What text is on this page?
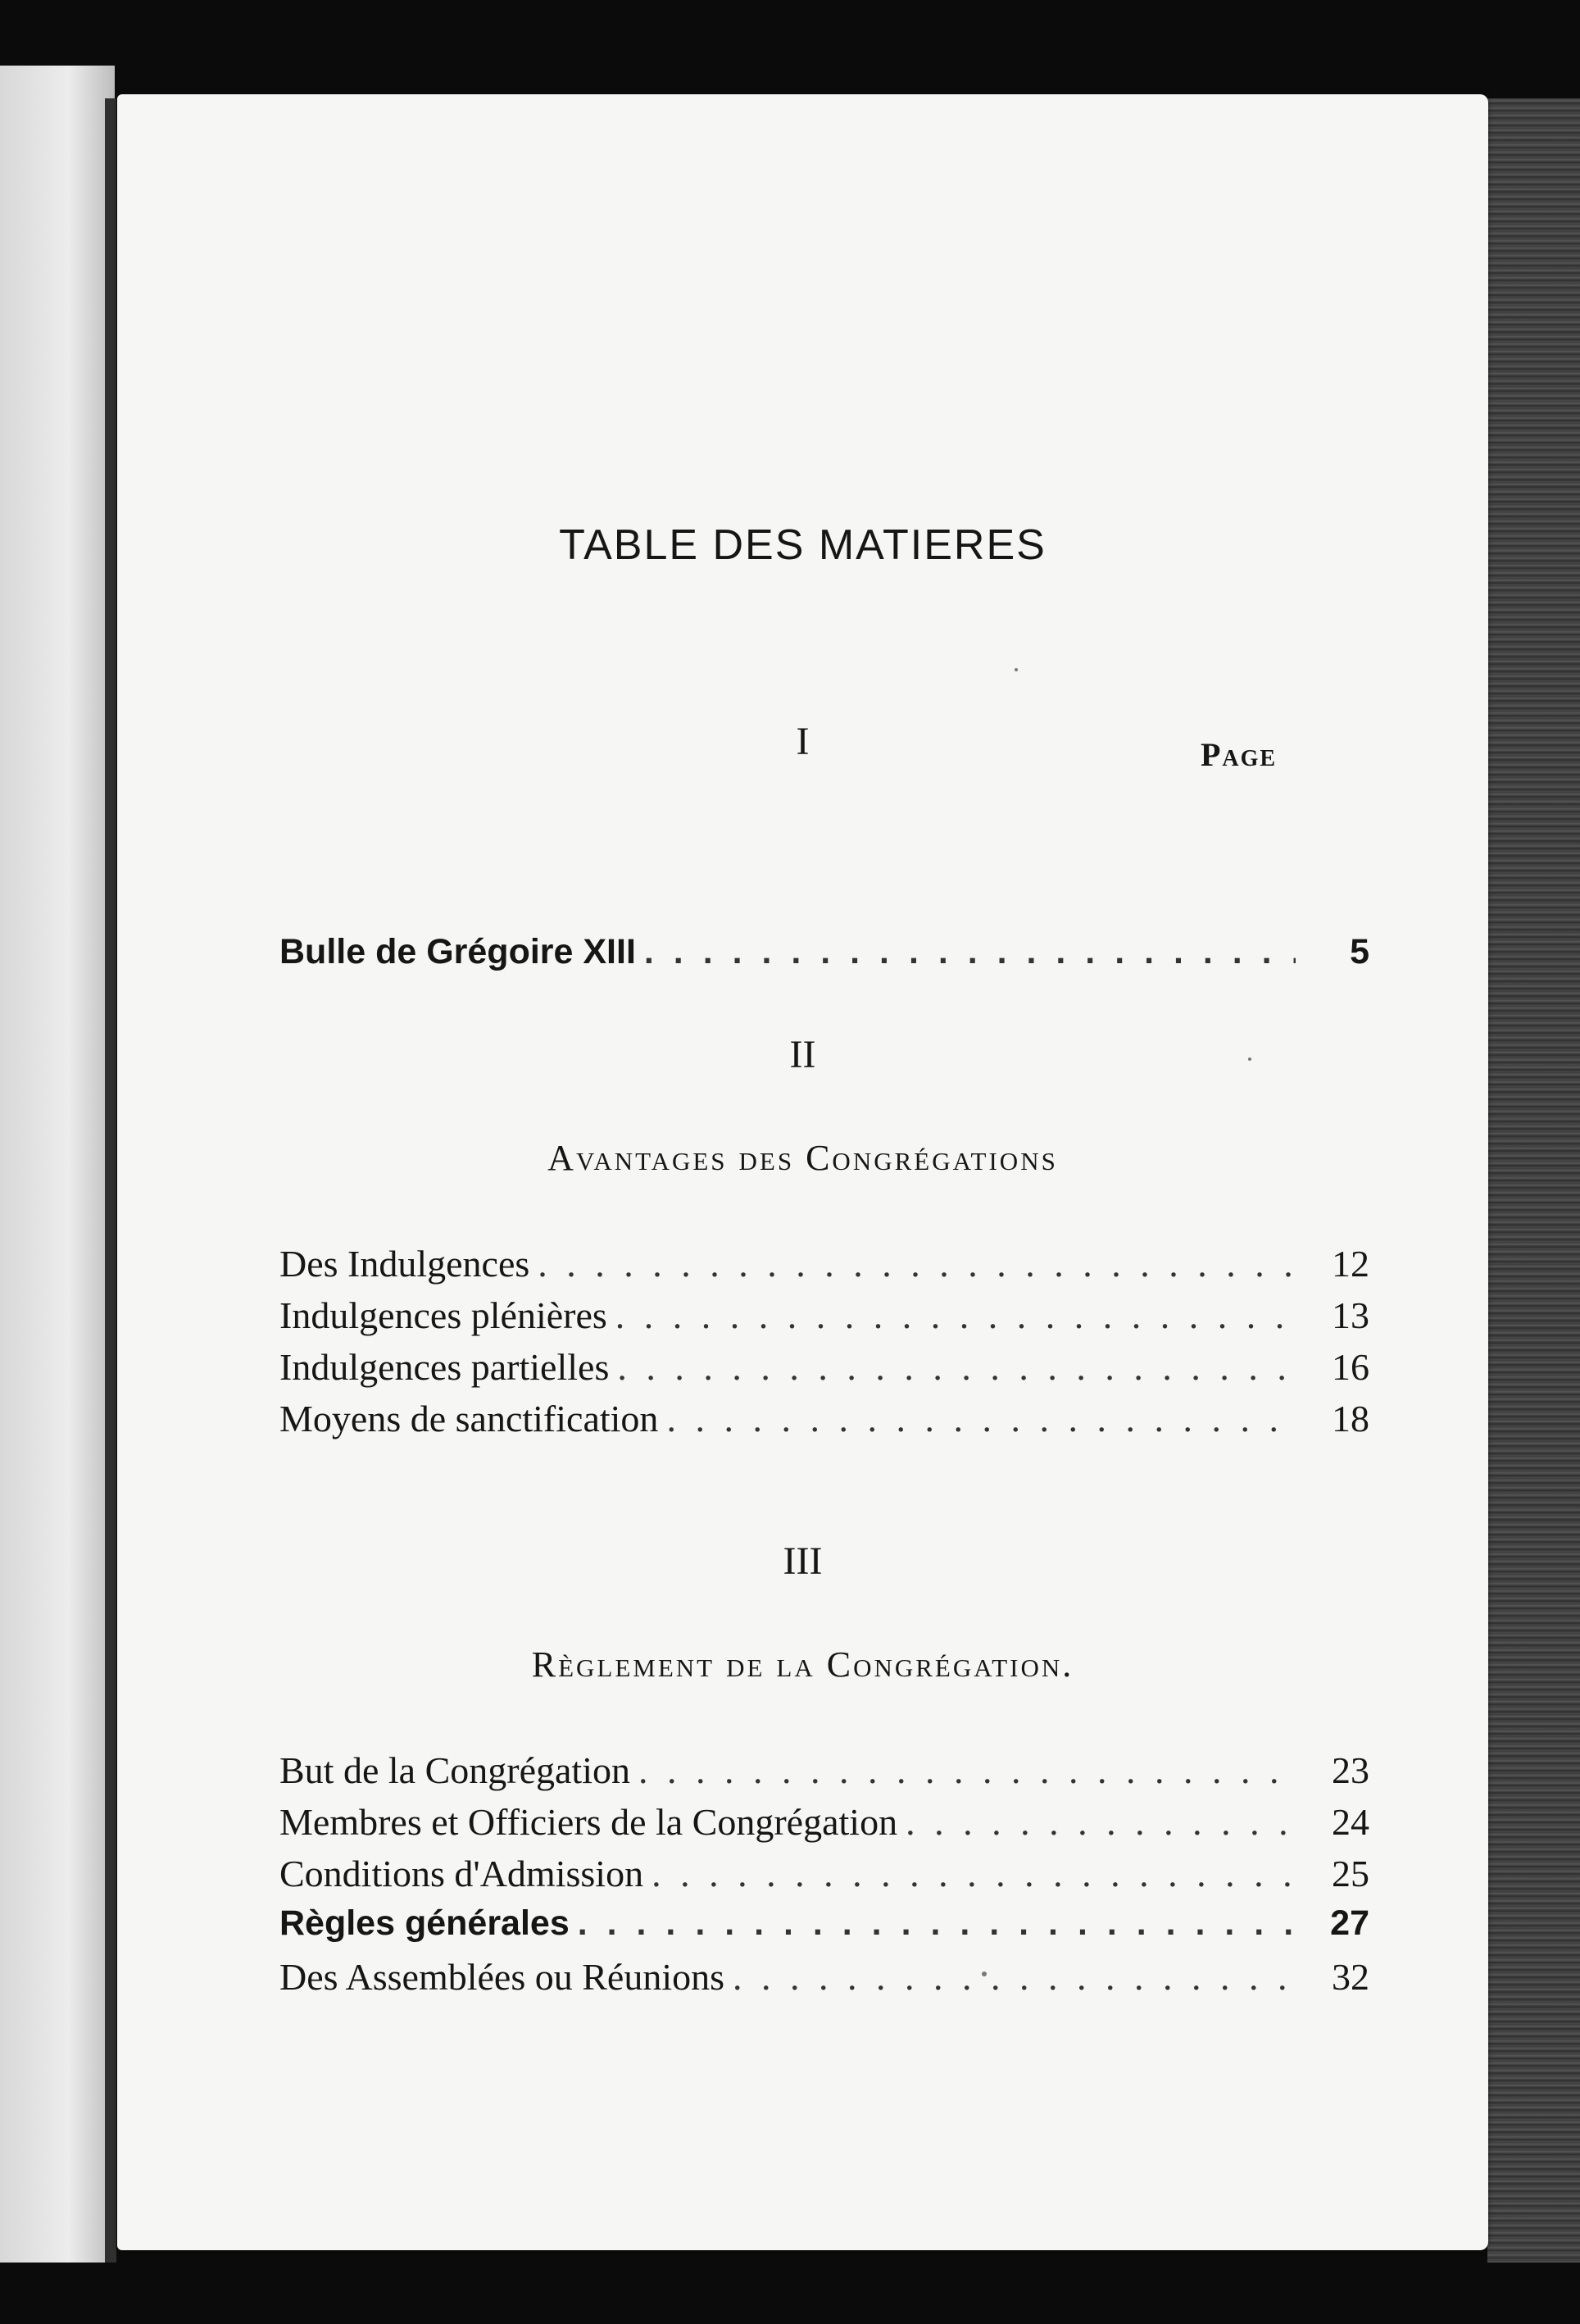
TABLE DES MATIERES
I	Page
Bulle de Grégoire XIII . . .	5
II
Avantages des Congrégations
Des Indulgences . . .	12
Indulgences plénières . . .	13
Indulgences partielles . . .	16
Moyens de sanctification . . .	18
III
Règlement de la Congrégation.
But de la Congrégation . . .	23
Membres et Officiers de la Congrégation . . .	24
Conditions d'Admission . . .	25
Règles générales . . .	27
Des Assemblées ou Réunions . . .	32
